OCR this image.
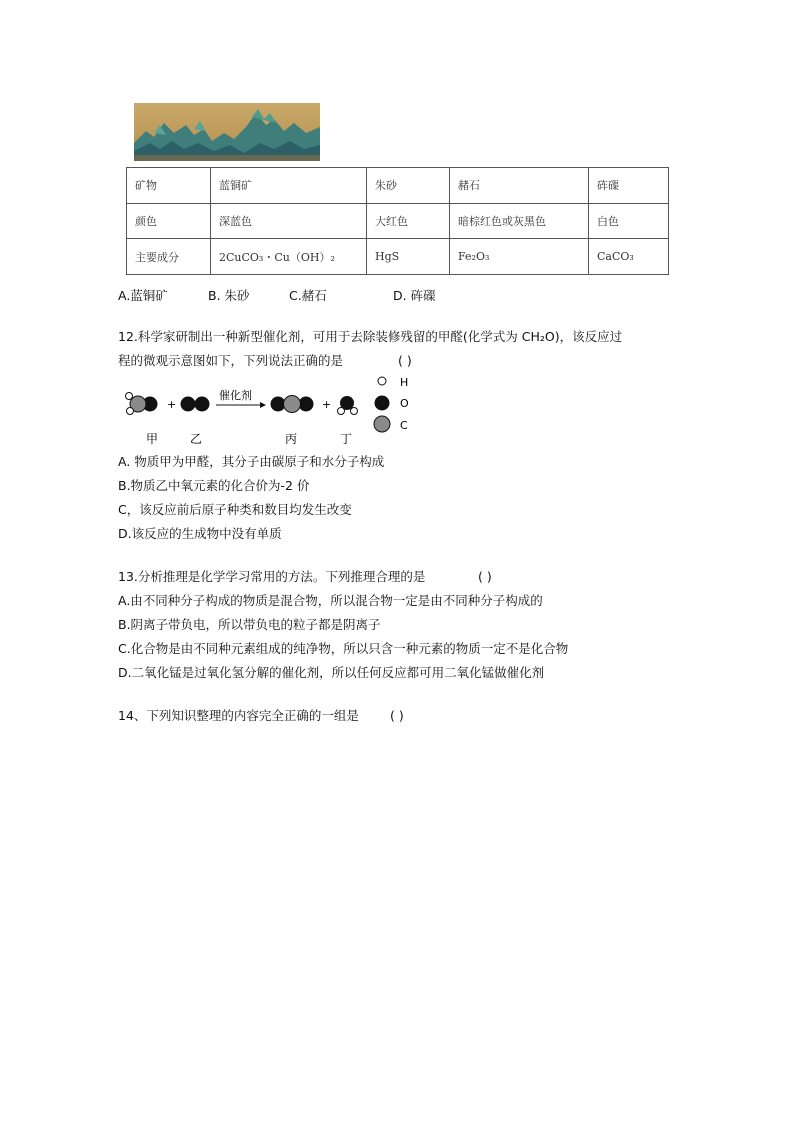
矿物	蓝铜矿	朱砂	赭石	砗磲
颜色	深蓝色	大红色	暗棕红色或灰黑色	白色
主要成分	2CuCO₃・Cu（OH）₂	HgS	Fe₂O₃	CaCO₃
A.蓝铜矿	B. 朱砂	C.赭石	D. 砗磲
12.科学家研制出一种新型催化剂，可用于去除装修残留的甲醛(化学式为 CH₂O)，该反应过
程的微观示意图如下，下列说法正确的是	( )
+
催化剂
+
甲	乙	丙	丁
H
O
C
A. 物质甲为甲醛，其分子由碳原子和水分子构成
B.物质乙中氧元素的化合价为-2 价
C，该反应前后原子种类和数目均发生改变
D.该反应的生成物中没有单质
13.分析推理是化学学习常用的方法。下列推理合理的是	( )
A.由不同种分子构成的物质是混合物，所以混合物一定是由不同种分子构成的
B.阴离子带负电，所以带负电的粒子都是阴离子
C.化合物是由不同种元素组成的纯净物，所以只含一种元素的物质一定不是化合物
D.二氧化锰是过氧化氢分解的催化剂，所以任何反应都可用二氧化锰做催化剂
14、下列知识整理的内容完全正确的一组是 ( )
